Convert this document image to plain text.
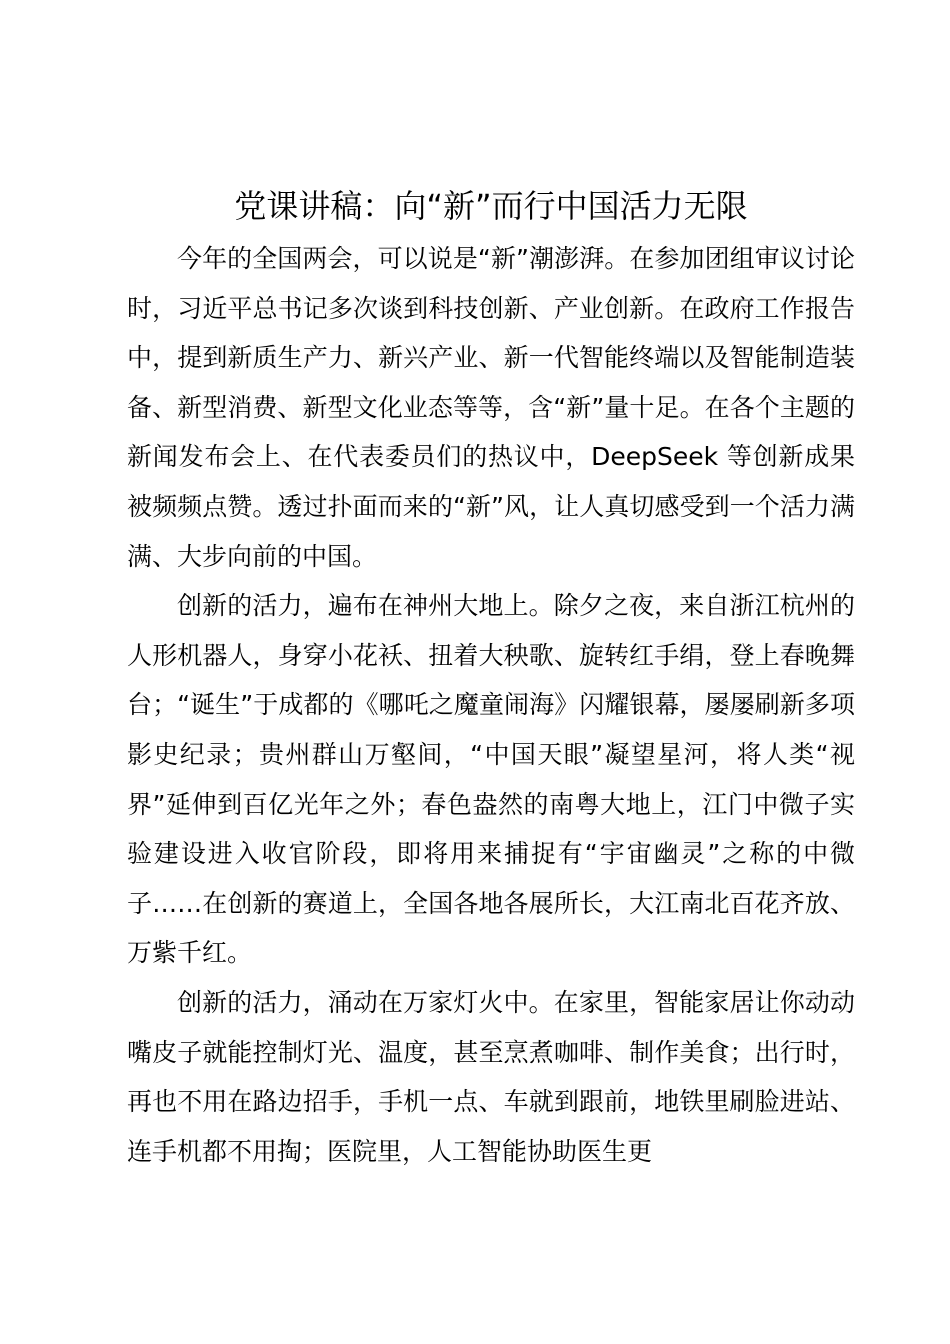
党课讲稿：向“新”而行中国活力无限

今年的全国两会，可以说是“新”潮澎湃。在参加团组审议讨论时，习近平总书记多次谈到科技创新、产业创新。在政府工作报告中，提到新质生产力、新兴产业、新一代智能终端以及智能制造装备、新型消费、新型文化业态等等，含“新”量十足。在各个主题的新闻发布会上、在代表委员们的热议中，DeepSeek 等创新成果被频频点赞。透过扑面而来的“新”风，让人真切感受到一个活力满满、大步向前的中国。

创新的活力，遍布在神州大地上。除夕之夜，来自浙江杭州的人形机器人，身穿小花袄、扭着大秧歌、旋转红手绢，登上春晚舞台；“诞生”于成都的《哪吒之魔童闹海》闪耀银幕，屡屡刷新多项影史纪录；贵州群山万壑间，“中国天眼”凝望星河，将人类“视界”延伸到百亿光年之外；春色盎然的南粤大地上，江门中微子实验建设进入收官阶段，即将用来捕捉有“宇宙幽灵”之称的中微子……在创新的赛道上，全国各地各展所长，大江南北百花齐放、万紫千红。

创新的活力，涌动在万家灯火中。在家里，智能家居让你动动嘴皮子就能控制灯光、温度，甚至烹煮咖啡、制作美食；出行时，再也不用在路边招手，手机一点、车就到跟前，地铁里刷脸进站、连手机都不用掏；医院里，人工智能协助医生更
